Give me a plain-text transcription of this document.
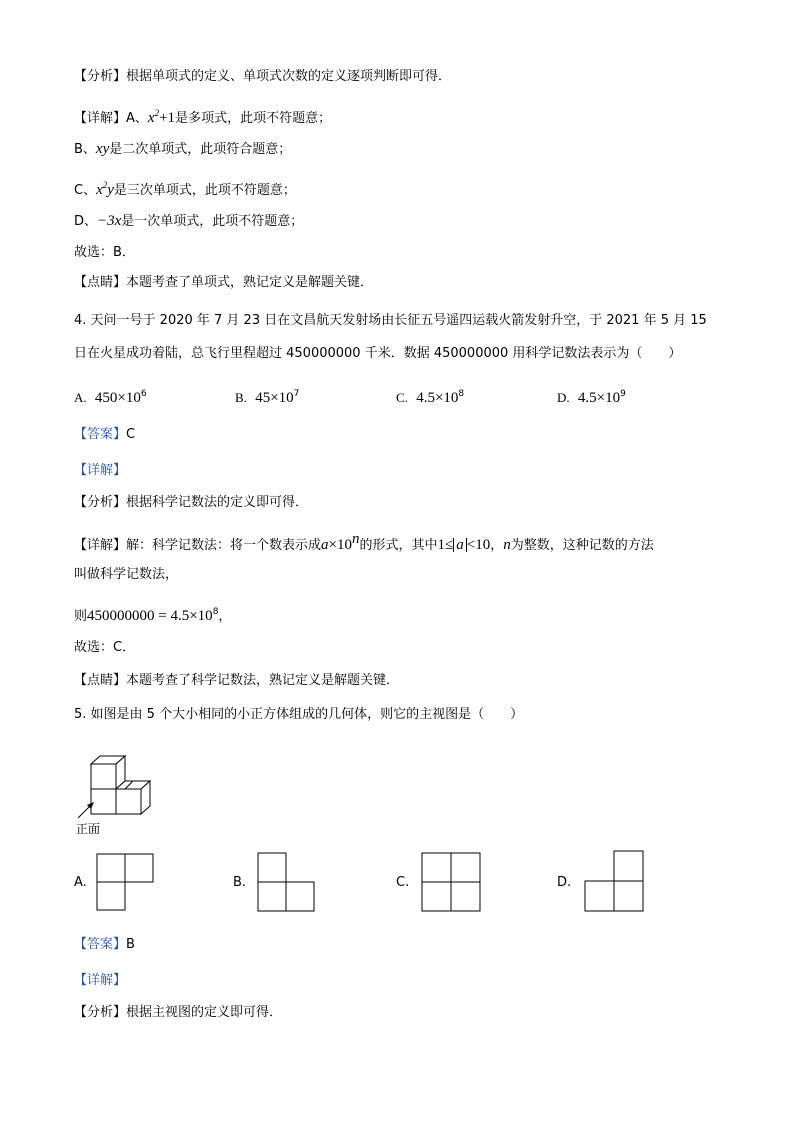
【分析】根据单项式的定义、单项式次数的定义逐项判断即可得．
【详解】A、$x^2+1$是多项式，此项不符题意；
B、xy是二次单项式，此项符合题意；
C、$x^2y$是三次单项式，此项不符题意；
D、−3x是一次单项式，此项不符题意；
故选：B．
【点睛】本题考查了单项式，熟记定义是解题关键．
4. 天问一号于 2020 年 7 月 23 日在文昌航天发射场由长征五号遥四运载火箭发射升空，于 2021 年 5 月 15
日在火星成功着陆，总飞行里程超过 450000000 千米．数据 450000000 用科学记数法表示为（　　）
A. $450\times 10^6$	B. $45\times 10^7$	C. $4.5\times 10^8$	D. $4.5\times 10^9$
【答案】C
【详解】
【分析】根据科学记数法的定义即可得．
【详解】解：科学记数法：将一个数表示成$a\times 10^n$的形式，其中1≤ a <10，n为整数，这种记数的方法
叫做科学记数法，
则$450000000 = 4.5\times 10^8$，
故选：C．
【点睛】本题考查了科学记数法，熟记定义是解题关键．
5. 如图是由 5 个大小相同的小正方体组成的几何体，则它的主视图是（　　）
正面
A.	B.	C.	D.
【答案】B
【详解】
【分析】根据主视图的定义即可得．
